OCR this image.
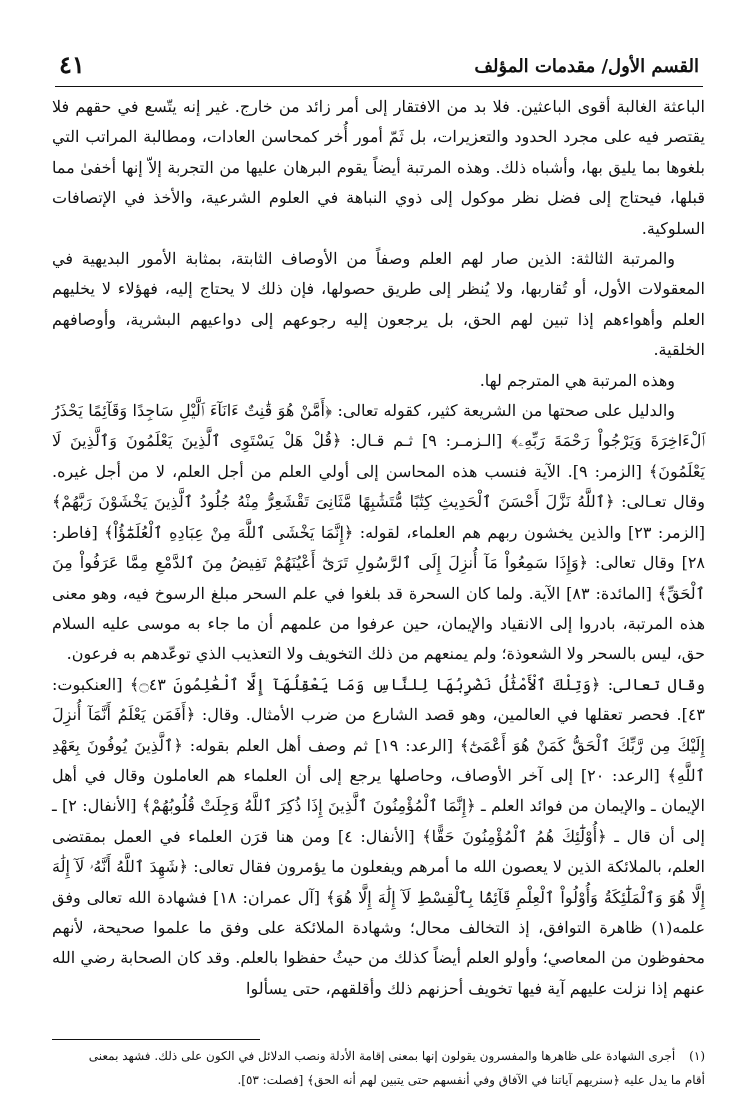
٤١	القسم الأول/ مقدمات المؤلف

الباعثة الغالبة أقوى الباعثين. فلا بد من الافتقار إلى أمر زائد من خارج. غير إنه يتّسع في حقهم فلا يقتصر فيه على مجرد الحدود والتعزيرات، بل ثَمّ أمور أُخر كمحاسن العادات، ومطالبة المراتب التي بلغوها بما يليق بها، وأشباه ذلك. وهذه المرتبة أيضاً يقوم البرهان عليها من التجربة إلاّ إنها أخفىٰ مما قبلها، فيحتاج إلى فضل نظر موكول إلى ذوي النباهة في العلوم الشرعية، والأخذ في الإتصافات السلوكية.

والمرتبة الثالثة: الذين صار لهم العلم وصفاً من الأوصاف الثابتة، بمثابة الأمور البديهية في المعقولات الأول، أو تُقاربها، ولا يُنظر إلى طريق حصولها، فإن ذلك لا يحتاج إليه، فهؤلاء لا يخليهم العلم وأهواءهم إذا تبين لهم الحق، بل يرجعون إليه رجوعهم إلى دواعيهم البشرية، وأوصافهم الخلقية.

وهذه المرتبة هي المترجم لها.

والدليل على صحتها من الشريعة كثير، كقوله تعالى: ﴿أَمَّنْ هُوَ قَٰنِتٌ ءَانَآءَ ٱلَّيْلِ سَاجِدًا وَقَآئِمًا يَحْذَرُ ٱلْءَاخِرَةَ وَيَرْجُواْ رَحْمَةَ رَبِّهِۦ﴾ [الـزمـر: ٩] ثـم قـال: ﴿قُلْ هَلْ يَسْتَوِى ٱلَّذِينَ يَعْلَمُونَ وَٱلَّذِينَ لَا يَعْلَمُونَ﴾ [الزمر: ٩]. الآية فنسب هذه المحاسن إلى أولي العلم من أجل العلم، لا من أجل غيره. وقال تعـالى: ﴿ٱللَّهُ نَزَّلَ أَحْسَنَ ٱلْحَدِيثِ كِتَٰبًا مُّتَشَٰبِهًا مَّثَانِىَ تَقْشَعِرُّ مِنْهُ جُلُودُ ٱلَّذِينَ يَخْشَوْنَ رَبَّهُمْ﴾ [الزمر: ٢٣] والذين يخشون ربهم هم العلماء، لقوله: ﴿إِنَّمَا يَخْشَى ٱللَّهَ مِنْ عِبَادِهِ ٱلْعُلَمَٰٓؤُاْ﴾ [فاطر: ٢٨] وقال تعالى: ﴿وَإِذَا سَمِعُواْ مَآ أُنزِلَ إِلَى ٱلرَّسُولِ تَرَىٰٓ أَعْيُنَهُمْ تَفِيضُ مِنَ ٱلدَّمْعِ مِمَّا عَرَفُواْ مِنَ ٱلْحَقِّ﴾ [المائدة: ٨٣] الآية. ولما كان السحرة قد بلغوا في علم السحر مبلغ الرسوخ فيه، وهو معنى هذه المرتبة، بادروا إلى الانقياد والإيمان، حين عرفوا من علمهم أن ما جاء به موسى عليه السلام حق، ليس بالسحر ولا الشعوذة؛ ولم يمنعهم من ذلك التخويف ولا التعذيب الذي توعّدهم به فرعون.

وقال تعالى: ﴿وَتِلْكَ ٱلْأَمْثَٰلُ نَضْرِبُهَا لِلنَّاسِ وَمَا يَعْقِلُهَآ إِلَّا ٱلْعَٰلِمُونَ ۝٤٣﴾ [العنكبوت: ٤٣]. فحصر تعقلها في العالمين، وهو قصد الشارع من ضرب الأمثال. وقال: ﴿أَفَمَن يَعْلَمُ أَنَّمَآ أُنزِلَ إِلَيْكَ مِن رَّبِّكَ ٱلْحَقُّ كَمَنْ هُوَ أَعْمَىٰٓ﴾ [الرعد: ١٩] ثم وصف أهل العلم بقوله: ﴿ٱلَّذِينَ يُوفُونَ بِعَهْدِ ٱللَّهِ﴾ [الرعد: ٢٠] إلى آخر الأوصاف، وحاصلها يرجع إلى أن العلماء هم العاملون وقال في أهل الإيمان ـ والإيمان من فوائد العلم ـ ﴿إِنَّمَا ٱلْمُؤْمِنُونَ ٱلَّذِينَ إِذَا ذُكِرَ ٱللَّهُ وَجِلَتْ قُلُوبُهُمْ﴾ [الأنفال: ٢] ـ إلى أن قال ـ ﴿أُوْلَٰٓئِكَ هُمُ ٱلْمُؤْمِنُونَ حَقًّا﴾ [الأنفال: ٤] ومن هنا قرَن العلماء في العمل بمقتضى العلم، بالملائكة الذين لا يعصون الله ما أمرهم ويفعلون ما يؤمرون فقال تعالى: ﴿شَهِدَ ٱللَّهُ أَنَّهُۥ لَآ إِلَٰهَ إِلَّا هُوَ وَٱلْمَلَٰٓئِكَةُ وَأُوْلُواْ ٱلْعِلْمِ قَآئِمًۢا بِٱلْقِسْطِ لَآ إِلَٰهَ إِلَّا هُوَ﴾ [آل عمران: ١٨] فشهادة الله تعالى وفق علمه(١) ظاهرة التوافق، إذ التخالف محال؛ وشهادة الملائكة على وفق ما علموا صحيحة، لأنهم محفوظون من المعاصي؛ وأولو العلم أيضاً كذلك من حيثُ حفظوا بالعلم. وقد كان الصحابة رضي الله عنهم إذا نزلت عليهم آية فيها تخويف أحزنهم ذلك وأقلقهم، حتى يسألوا

(١)أجرى الشهادة على ظاهرها والمفسرون يقولون إنها بمعنى إقامة الأدلة ونصب الدلائل في الكون على ذلك. فشهد بمعنى

أقام ما يدل عليه ﴿سنريهم آياتنا في الآفاق وفي أنفسهم حتى يتبين لهم أنه الحق﴾ [فصلت: ٥٣].
